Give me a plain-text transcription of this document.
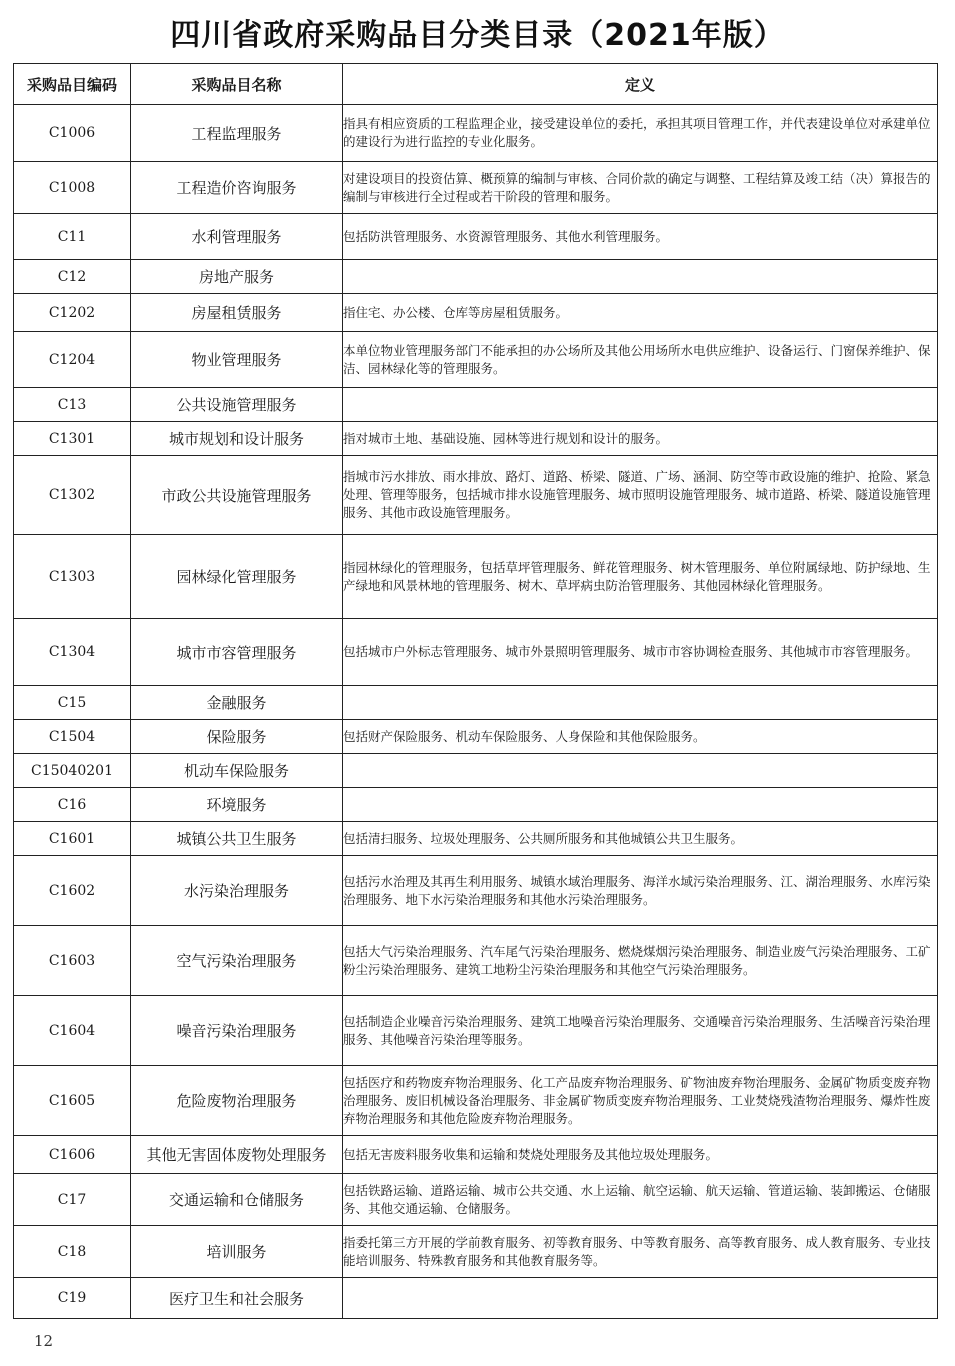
四川省政府采购品目分类目录（2021年版）
采购品目编码	采购品目名称	定义
C1006	工程监理服务	指具有相应资质的工程监理企业，接受建设单位的委托，承担其项目管理工作，并代表建设单位对承建单位的建设行为进行监控的专业化服务。
C1008	工程造价咨询服务	对建设项目的投资估算、概预算的编制与审核、合同价款的确定与调整、工程结算及竣工结（决）算报告的编制与审核进行全过程或若干阶段的管理和服务。
C11	水利管理服务	包括防洪管理服务、水资源管理服务、其他水利管理服务。
C12	房地产服务	
C1202	房屋租赁服务	指住宅、办公楼、仓库等房屋租赁服务。
C1204	物业管理服务	本单位物业管理服务部门不能承担的办公场所及其他公用场所水电供应维护、设备运行、门窗保养维护、保洁、园林绿化等的管理服务。
C13	公共设施管理服务	
C1301	城市规划和设计服务	指对城市土地、基础设施、园林等进行规划和设计的服务。
C1302	市政公共设施管理服务	指城市污水排放、雨水排放、路灯、道路、桥梁、隧道、广场、涵洞、防空等市政设施的维护、抢险、紧急处理、管理等服务，包括城市排水设施管理服务、城市照明设施管理服务、城市道路、桥梁、隧道设施管理服务、其他市政设施管理服务。
C1303	园林绿化管理服务	指园林绿化的管理服务，包括草坪管理服务、鲜花管理服务、树木管理服务、单位附属绿地、防护绿地、生产绿地和风景林地的管理服务、树木、草坪病虫防治管理服务、其他园林绿化管理服务。
C1304	城市市容管理服务	包括城市户外标志管理服务、城市外景照明管理服务、城市市容协调检查服务、其他城市市容管理服务。
C15	金融服务	
C1504	保险服务	包括财产保险服务、机动车保险服务、人身保险和其他保险服务。
C15040201	机动车保险服务	
C16	环境服务	
C1601	城镇公共卫生服务	包括清扫服务、垃圾处理服务、公共厕所服务和其他城镇公共卫生服务。
C1602	水污染治理服务	包括污水治理及其再生利用服务、城镇水域治理服务、海洋水域污染治理服务、江、湖治理服务、水库污染治理服务、地下水污染治理服务和其他水污染治理服务。
C1603	空气污染治理服务	包括大气污染治理服务、汽车尾气污染治理服务、燃烧煤烟污染治理服务、制造业废气污染治理服务、工矿粉尘污染治理服务、建筑工地粉尘污染治理服务和其他空气污染治理服务。
C1604	噪音污染治理服务	包括制造企业噪音污染治理服务、建筑工地噪音污染治理服务、交通噪音污染治理服务、生活噪音污染治理服务、其他噪音污染治理等服务。
C1605	危险废物治理服务	包括医疗和药物废弃物治理服务、化工产品废弃物治理服务、矿物油废弃物治理服务、金属矿物质变废弃物治理服务、废旧机械设备治理服务、非金属矿物质变废弃物治理服务、工业焚烧残渣物治理服务、爆炸性废弃物治理服务和其他危险废弃物治理服务。
C1606	其他无害固体废物处理服务	包括无害废料服务收集和运输和焚烧处理服务及其他垃圾处理服务。
C17	交通运输和仓储服务	包括铁路运输、道路运输、城市公共交通、水上运输、航空运输、航天运输、管道运输、装卸搬运、仓储服务、其他交通运输、仓储服务。
C18	培训服务	指委托第三方开展的学前教育服务、初等教育服务、中等教育服务、高等教育服务、成人教育服务、专业技能培训服务、特殊教育服务和其他教育服务等。
C19	医疗卫生和社会服务	
12
